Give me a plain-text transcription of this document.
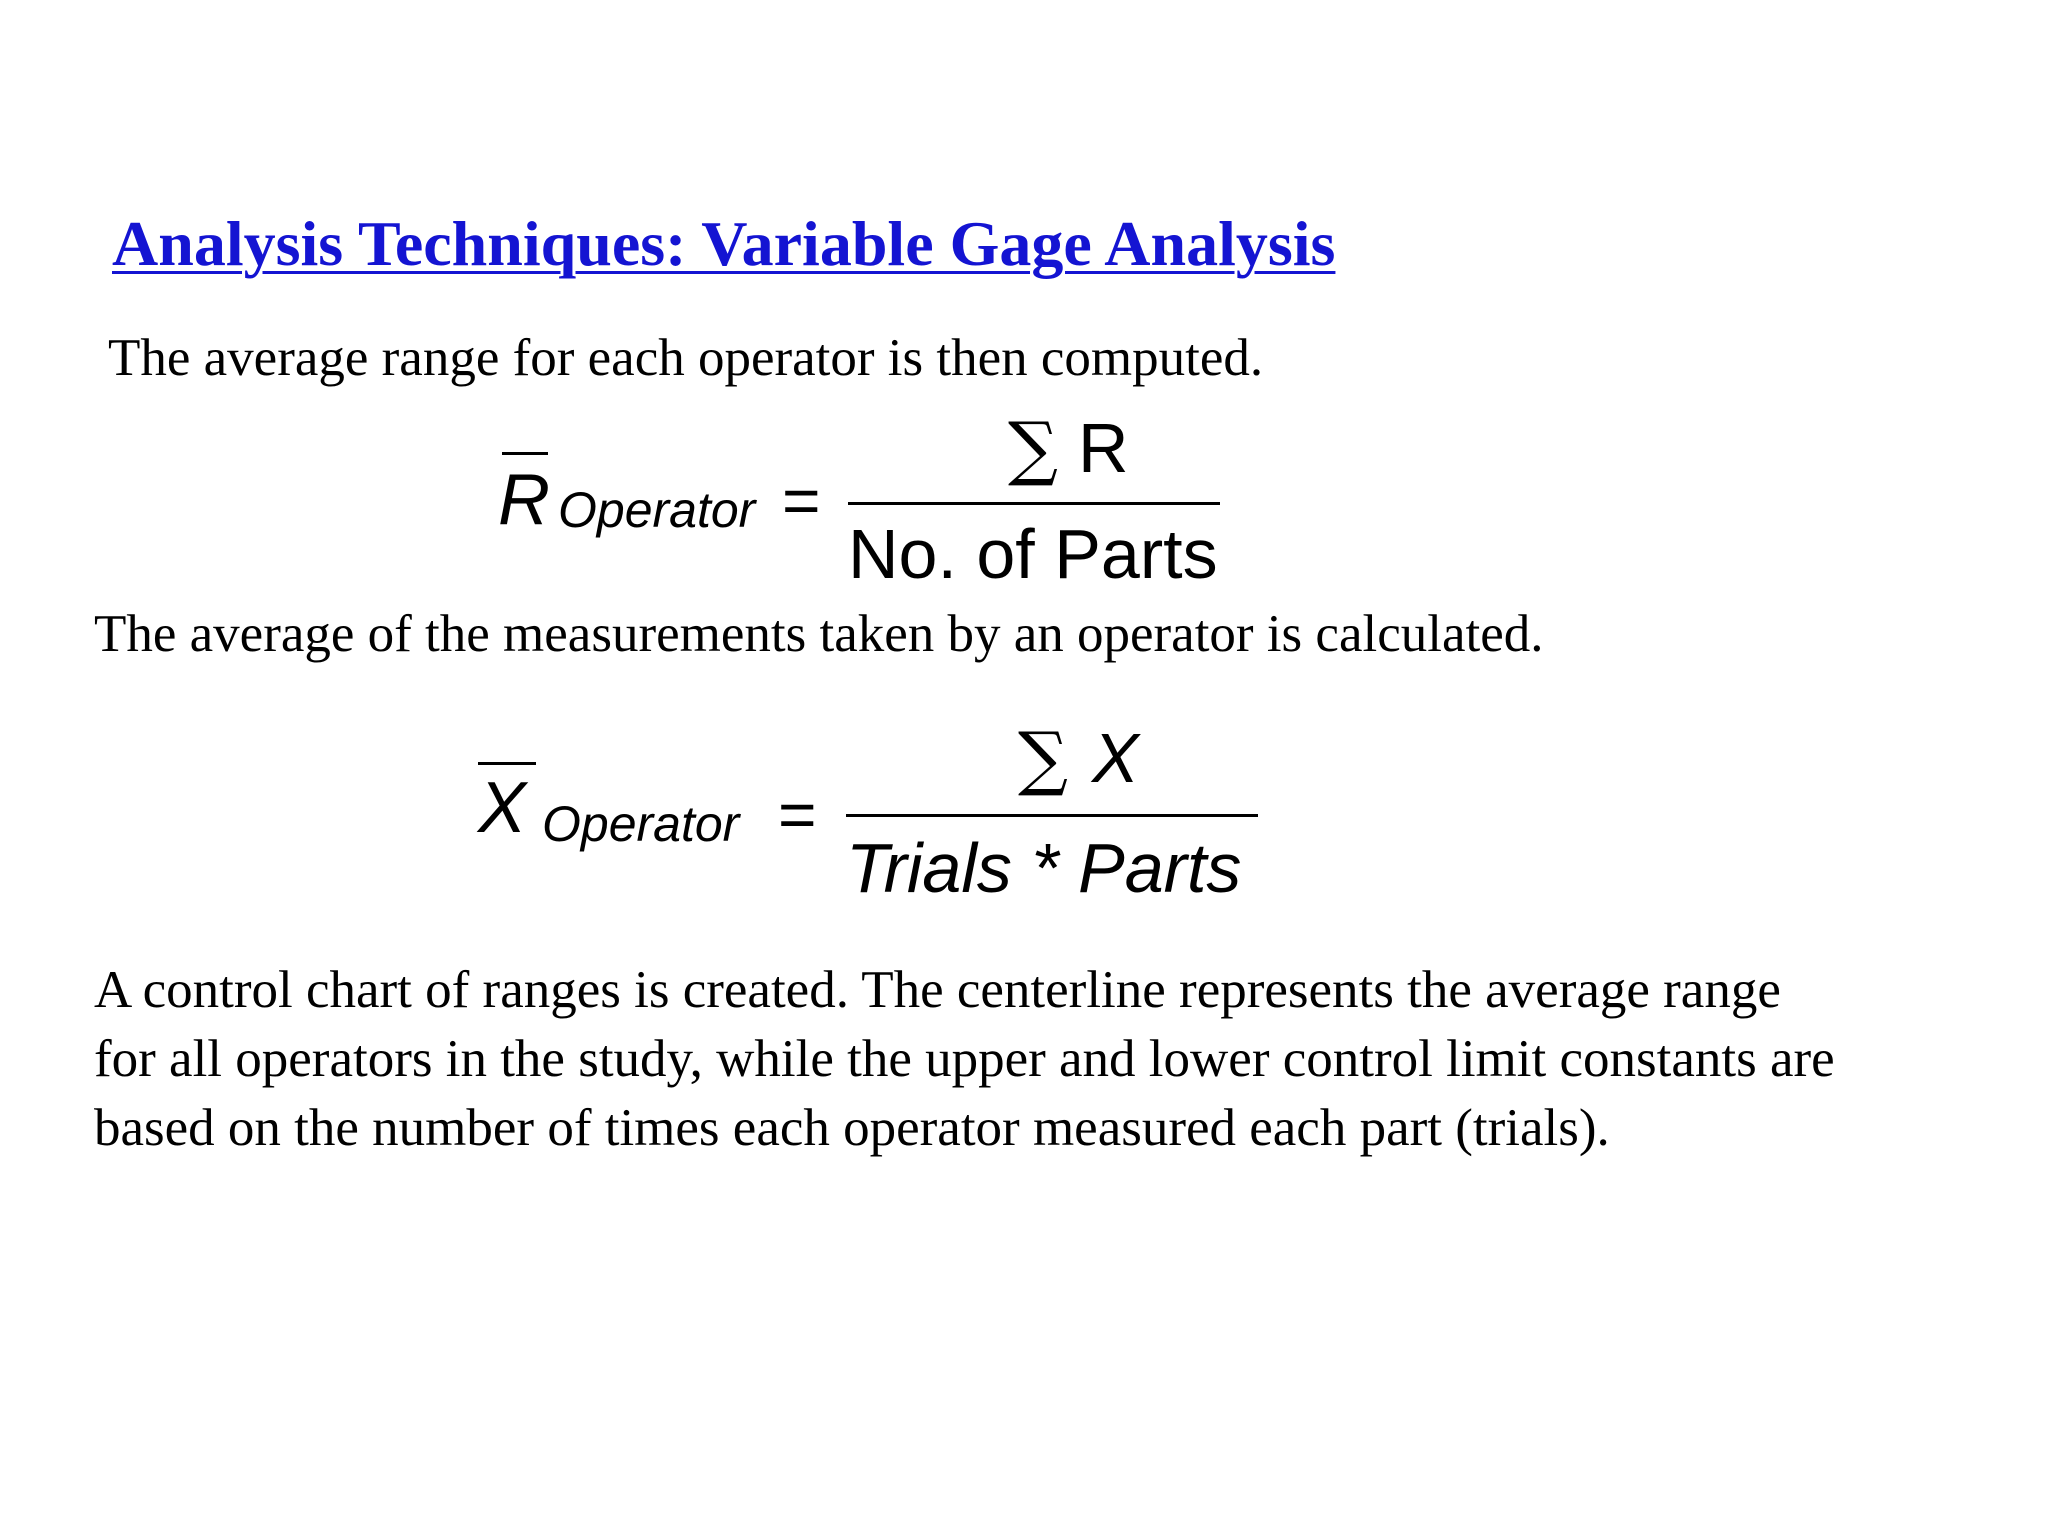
Analysis Techniques: Variable Gage Analysis

The average range for each operator is then computed.

R Operator =
∑ R
No. of Parts

The average of the measurements taken by an operator is calculated.

X Operator =
∑ X
Trials * Parts
A control chart of ranges is created. The centerline represents the average range
for all operators in the study, while the upper and lower control limit constants are
based on the number of times each operator measured each part (trials).
